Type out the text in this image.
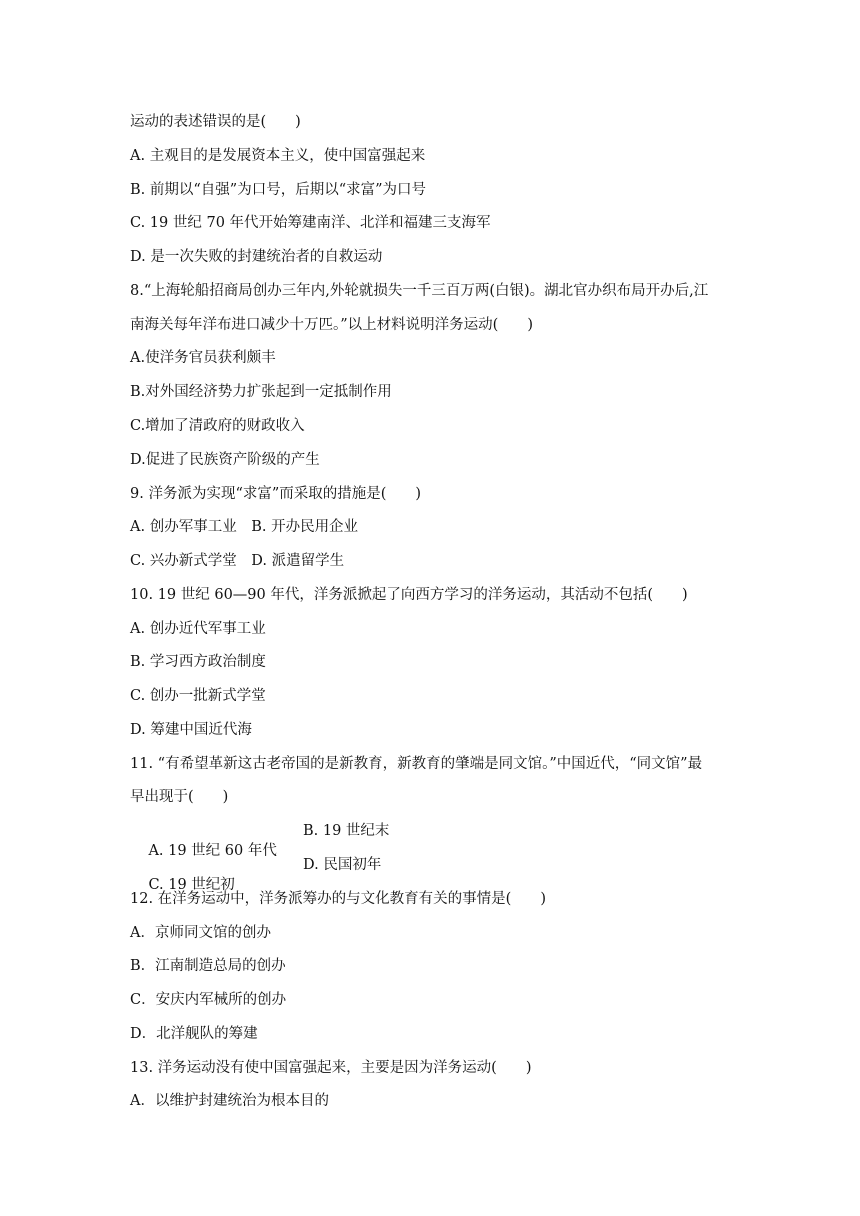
运动的表述错误的是(　　)
A. 主观目的是发展资本主义，使中国富强起来
B. 前期以“自强”为口号，后期以“求富”为口号
C. 19 世纪 70 年代开始筹建南洋、北洋和福建三支海军
D. 是一次失败的封建统治者的自救运动
8.“上海轮船招商局创办三年内,外轮就损失一千三百万两(白银)。湖北官办织布局开办后,江
南海关每年洋布进口减少十万匹。”以上材料说明洋务运动(　　)
A.使洋务官员获利颇丰
B.对外国经济势力扩张起到一定抵制作用
C.增加了清政府的财政收入
D.促进了民族资产阶级的产生
9. 洋务派为实现“求富”而采取的措施是(　　)
A. 创办军事工业　B. 开办民用企业
C. 兴办新式学堂　D. 派遣留学生
10. 19 世纪 60—90 年代，洋务派掀起了向西方学习的洋务运动，其活动不包括(　　)
A. 创办近代军事工业
B. 学习西方政治制度
C. 创办一批新式学堂
D. 筹建中国近代海
11. “有希望革新这古老帝国的是新教育，新教育的肇端是同文馆。”中国近代，“同文馆”最
早出现于(　　)

A. 19 世纪 60 年代

B. 19 世纪末

C. 19 世纪初

D. 民国初年

12. 在洋务运动中，洋务派筹办的与文化教育有关的事情是(　　)
A．京师同文馆的创办
B．江南制造总局的创办
C．安庆内军械所的创办
D．北洋舰队的筹建
13. 洋务运动没有使中国富强起来，主要是因为洋务运动(　　)
A．以维护封建统治为根本目的
